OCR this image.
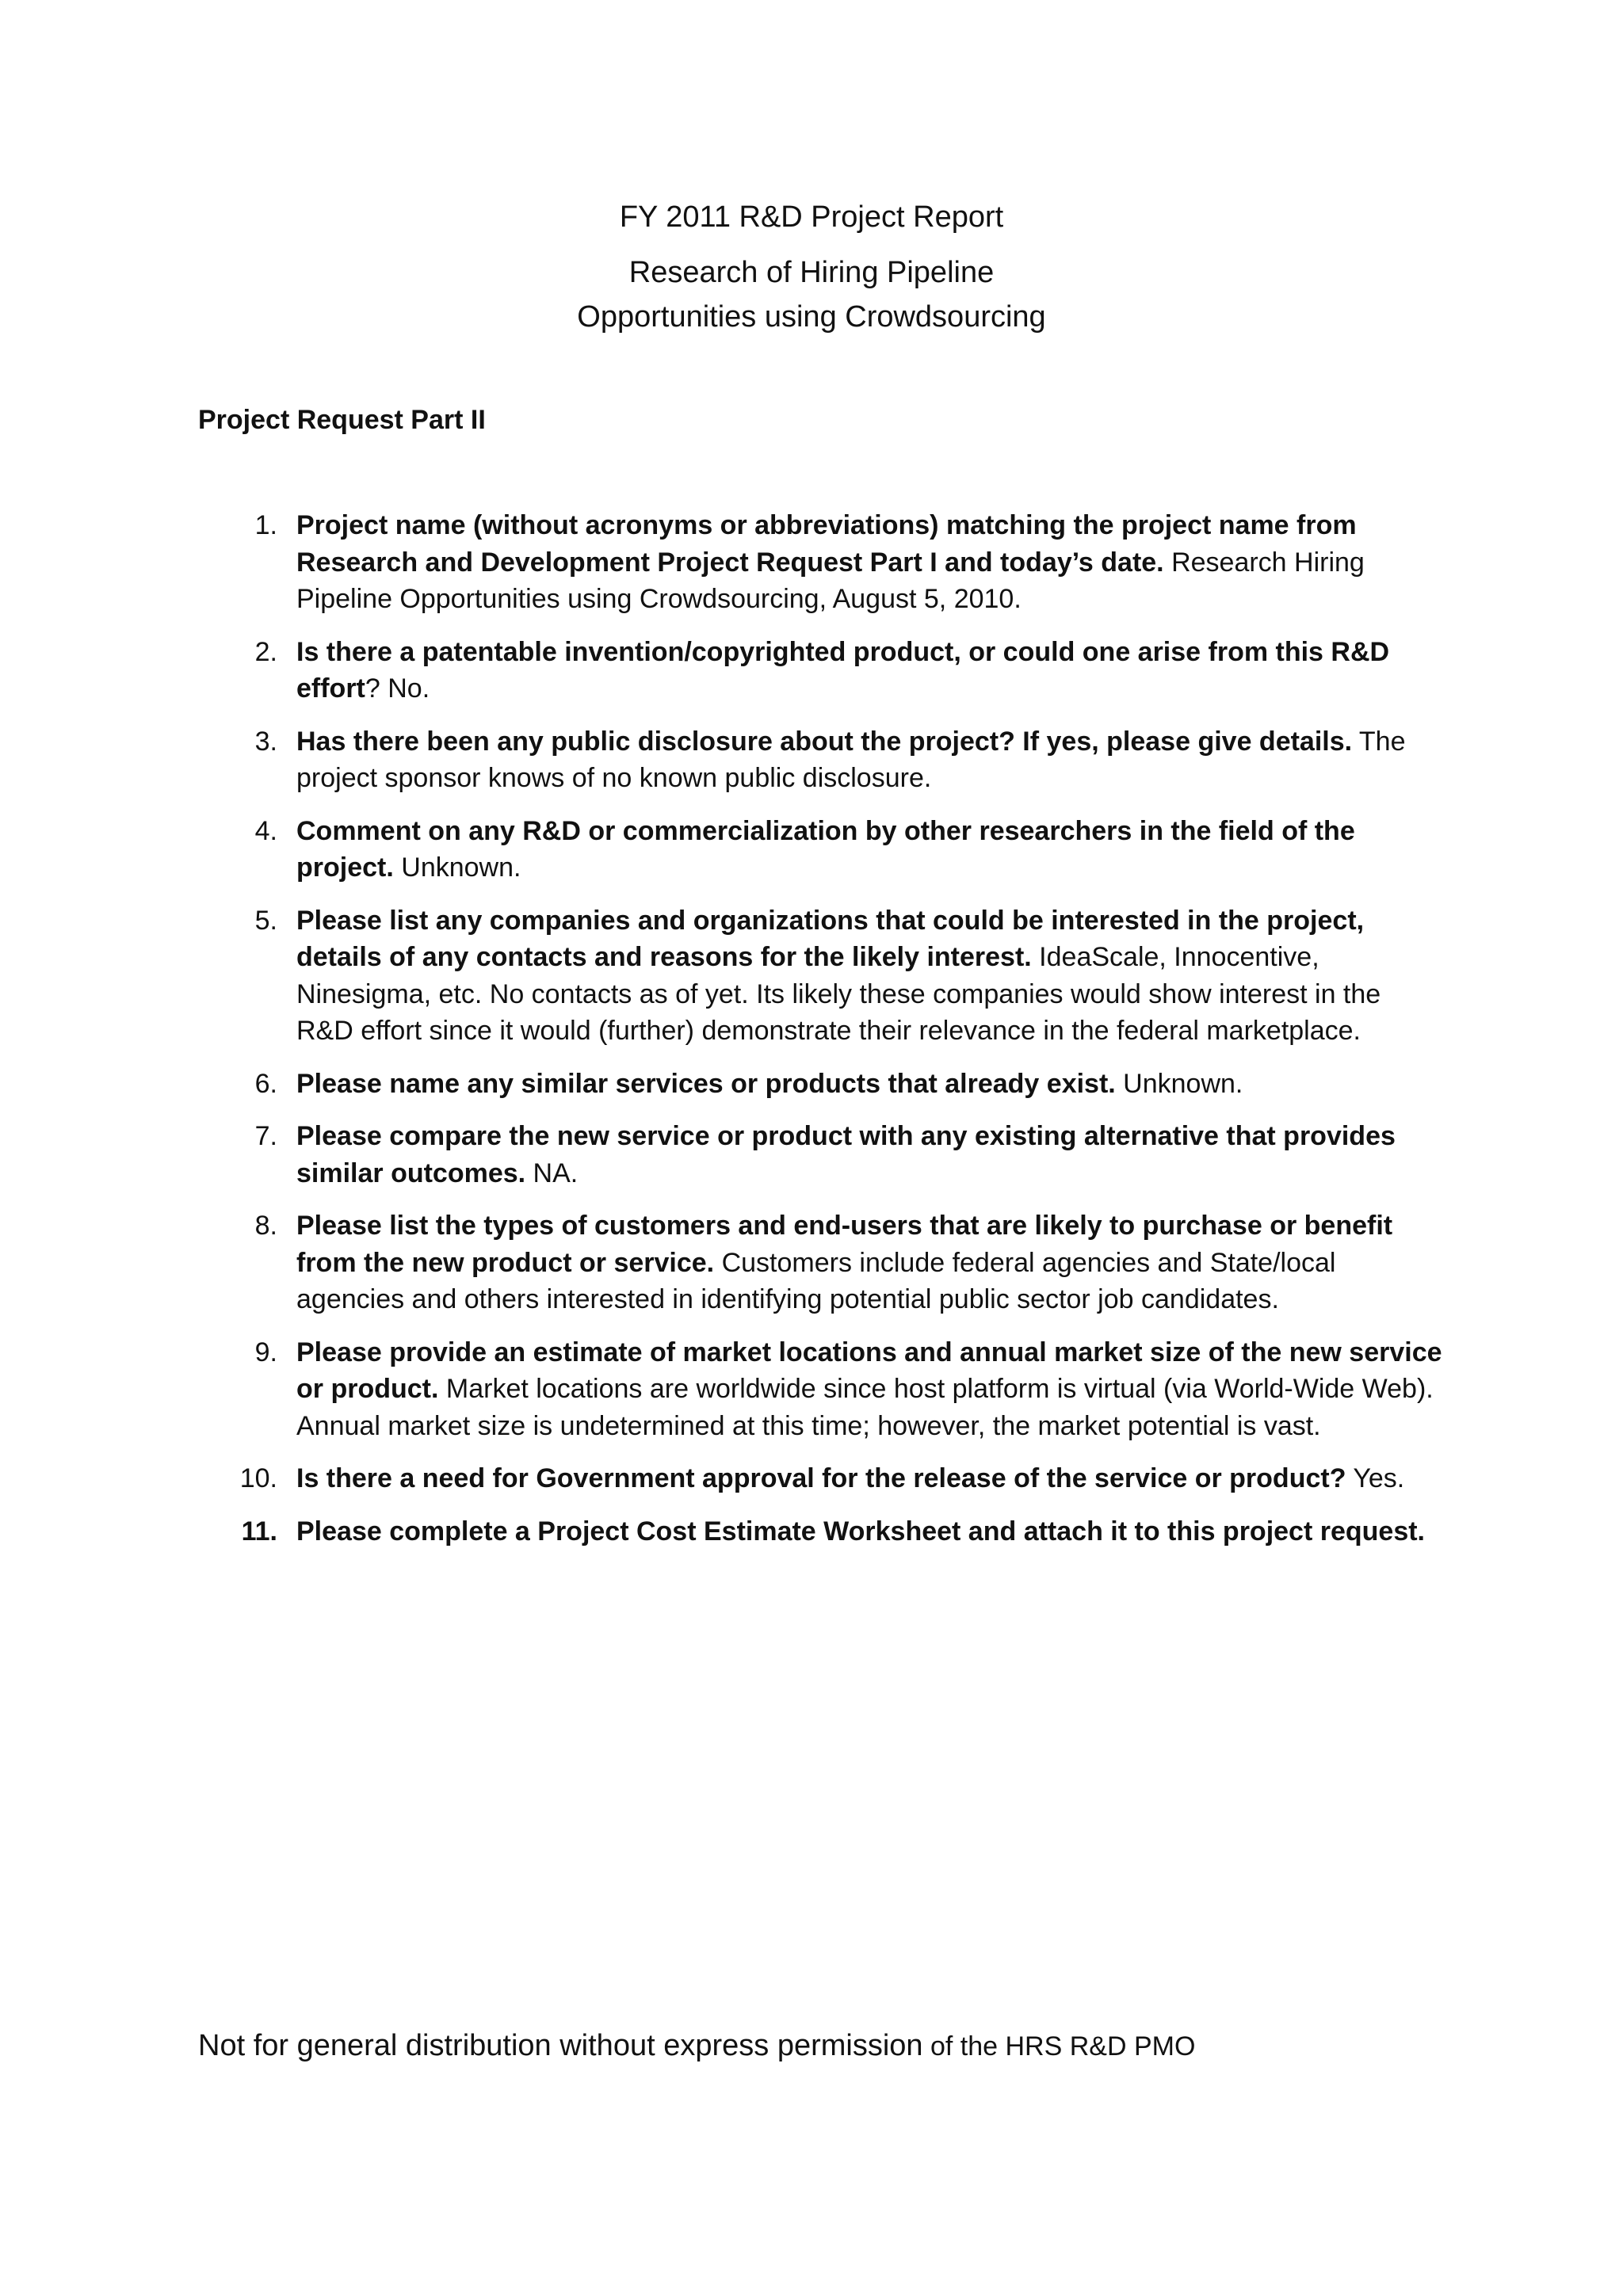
FY 2011 R&D Project Report
Research of Hiring Pipeline
Opportunities using Crowdsourcing
Project Request Part II
1. Project name (without acronyms or abbreviations) matching the project name from Research and Development Project Request Part I and today’s date. Research Hiring Pipeline Opportunities using Crowdsourcing, August 5, 2010.
2. Is there a patentable invention/copyrighted product, or could one arise from this R&D effort? No.
3. Has there been any public disclosure about the project? If yes, please give details. The project sponsor knows of no known public disclosure.
4. Comment on any R&D or commercialization by other researchers in the field of the project. Unknown.
5. Please list any companies and organizations that could be interested in the project, details of any contacts and reasons for the likely interest. IdeaScale, Innocentive, Ninesigma, etc. No contacts as of yet. Its likely these companies would show interest in the R&D effort since it would (further) demonstrate their relevance in the federal marketplace.
6. Please name any similar services or products that already exist. Unknown.
7. Please compare the new service or product with any existing alternative that provides similar outcomes. NA.
8. Please list the types of customers and end-users that are likely to purchase or benefit from the new product or service. Customers include federal agencies and State/local agencies and others interested in identifying potential public sector job candidates.
9. Please provide an estimate of market locations and annual market size of the new service or product. Market locations are worldwide since host platform is virtual (via World-Wide Web). Annual market size is undetermined at this time; however, the market potential is vast.
10. Is there a need for Government approval for the release of the service or product? Yes.
11. Please complete a Project Cost Estimate Worksheet and attach it to this project request.
Not for general distribution without express permission of the HRS R&D PMO
